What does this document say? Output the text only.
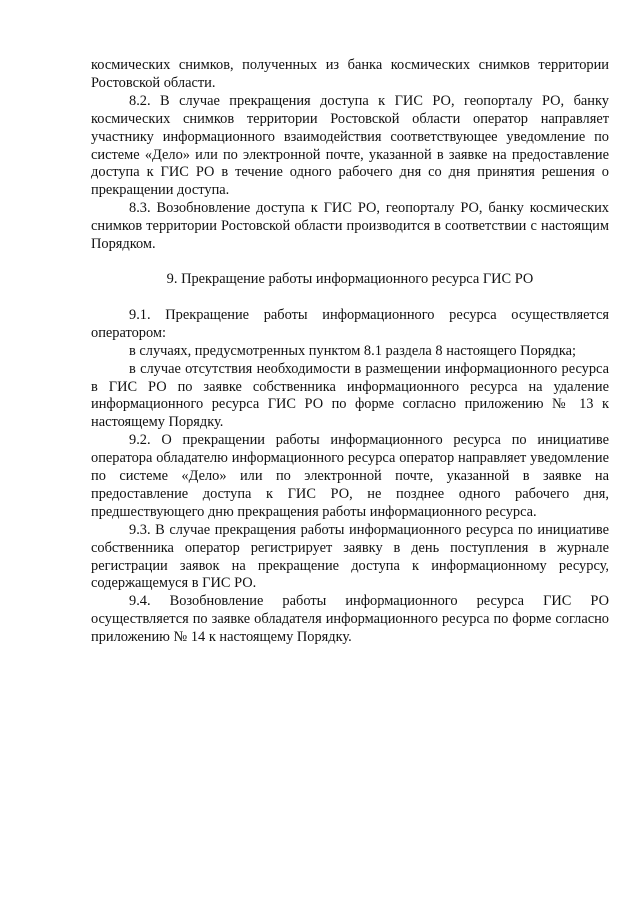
космических снимков, полученных из банка космических снимков территории Ростовской области.

8.2. В случае прекращения доступа к ГИС РО, геопорталу РО, банку космических снимков территории Ростовской области оператор направляет участнику информационного взаимодействия соответствующее уведомление по системе «Дело» или по электронной почте, указанной в заявке на предоставление доступа к ГИС РО в течение одного рабочего дня со дня принятия решения о прекращении доступа.

8.3. Возобновление доступа к ГИС РО, геопорталу РО, банку космических снимков территории Ростовской области производится в соответствии с настоящим Порядком.

9. Прекращение работы информационного ресурса ГИС РО

9.1. Прекращение работы информационного ресурса осуществляется оператором:

в случаях, предусмотренных пунктом 8.1 раздела 8 настоящего Порядка;

в случае отсутствия необходимости в размещении информационного ресурса в ГИС РО по заявке собственника информационного ресурса на удаление информационного ресурса ГИС РО по форме согласно приложению № 13 к настоящему Порядку.

9.2. О прекращении работы информационного ресурса по инициативе оператора обладателю информационного ресурса оператор направляет уведомление по системе «Дело» или по электронной почте, указанной в заявке на предоставление доступа к ГИС РО, не позднее одного рабочего дня, предшествующего дню прекращения работы информационного ресурса.

9.3. В случае прекращения работы информационного ресурса по инициативе собственника оператор регистрирует заявку в день поступления в журнале регистрации заявок на прекращение доступа к информационному ресурсу, содержащемуся в ГИС РО.

9.4. Возобновление работы информационного ресурса ГИС РО осуществляется по заявке обладателя информационного ресурса по форме согласно приложению № 14 к настоящему Порядку.
